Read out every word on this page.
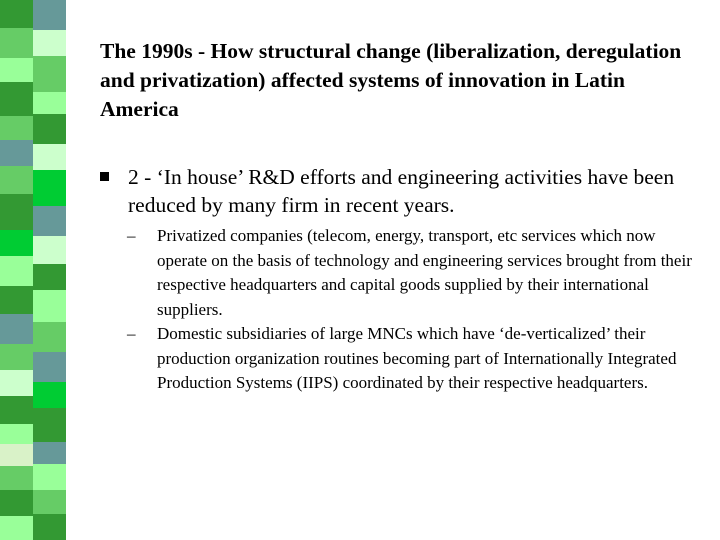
The 1990s - How structural change (liberalization, deregulation and privatization) affected systems of innovation in Latin America

2 - ‘In house’ R&D efforts and engineering activities have been reduced by many firm in recent years.

– Privatized companies (telecom, energy, transport, etc services which now operate on the basis of technology and engineering services brought from their respective headquarters and capital goods supplied by their international suppliers.
– Domestic subsidiaries of large MNCs which have ‘de-verticalized’ their production organization routines becoming part of Internationally Integrated Production Systems (IIPS) coordinated by their respective headquarters.
